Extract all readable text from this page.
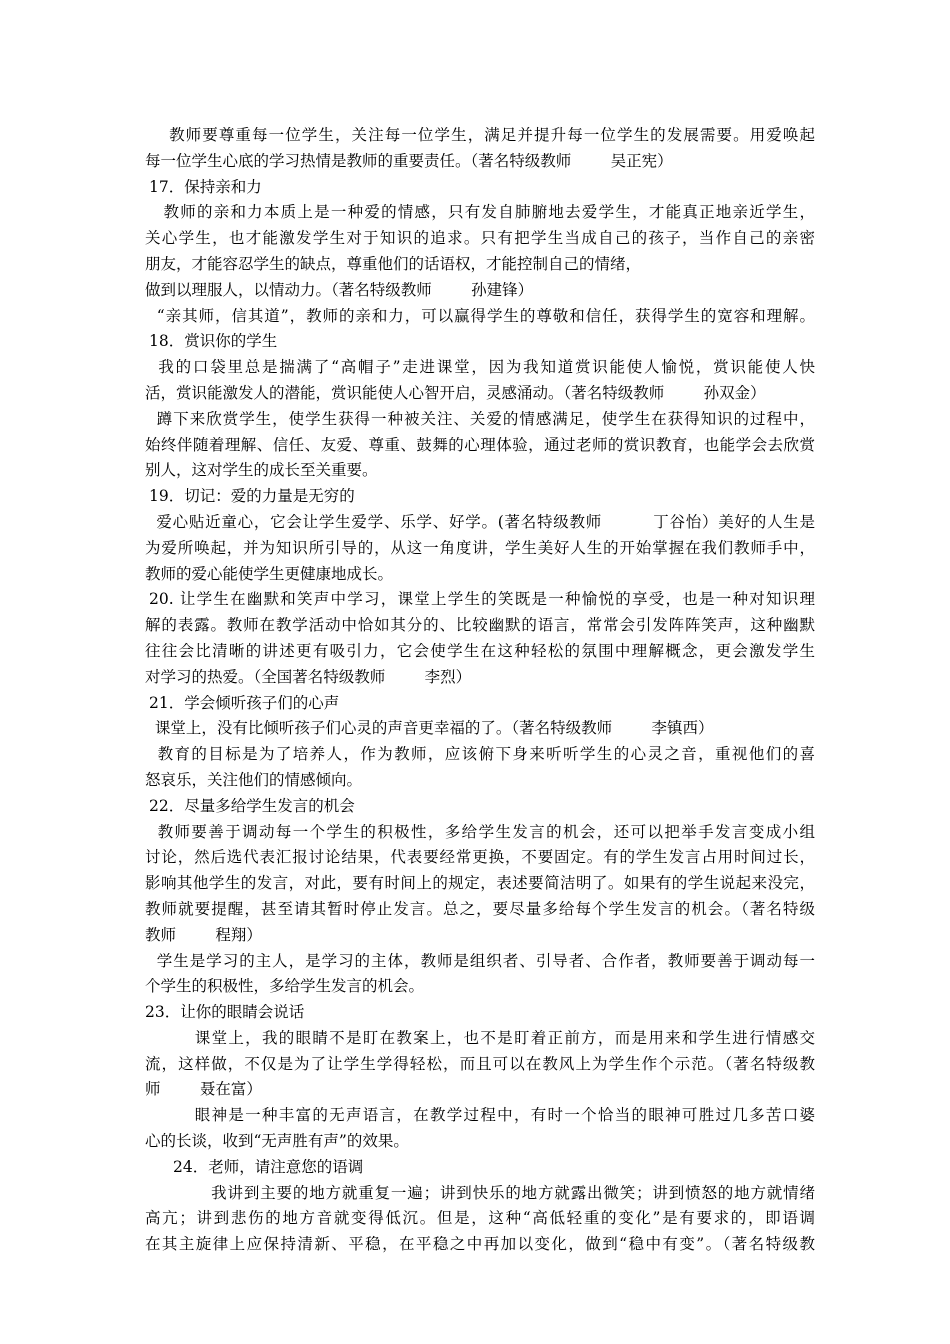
教师要尊重每一位学生，关注每一位学生，满足并提升每一位学生的发展需要。用爱唤起
每一位学生心底的学习热情是教师的重要责任。（著名特级教师        吴正宪）
17．保持亲和力
教师的亲和力本质上是一种爱的情感，只有发自肺腑地去爱学生，才能真正地亲近学生，
关心学生，也才能激发学生对于知识的追求。只有把学生当成自己的孩子，当作自己的亲密
朋友，才能容忍学生的缺点，尊重他们的话语权，才能控制自己的情绪，
做到以理服人，以情动力。（著名特级教师        孙建锋）
“亲其师，信其道”，教师的亲和力，可以赢得学生的尊敬和信任，获得学生的宽容和理解。
18．赏识你的学生
我的口袋里总是揣满了“高帽子”走进课堂，因为我知道赏识能使人愉悦，赏识能使人快
活，赏识能激发人的潜能，赏识能使人心智开启，灵感涌动。（著名特级教师        孙双金）
蹲下来欣赏学生，使学生获得一种被关注、关爱的情感满足，使学生在获得知识的过程中，
始终伴随着理解、信任、友爱、尊重、鼓舞的心理体验，通过老师的赏识教育，也能学会去欣赏
别人，这对学生的成长至关重要。
19．切记：爱的力量是无穷的
爱心贴近童心，它会让学生爱学、乐学、好学。(著名特级教师         丁谷怡）美好的人生是
为爱所唤起，并为知识所引导的，从这一角度讲，学生美好人生的开始掌握在我们教师手中，
教师的爱心能使学生更健康地成长。
20. 让学生在幽默和笑声中学习，课堂上学生的笑既是一种愉悦的享受，也是一种对知识理
解的表露。教师在教学活动中恰如其分的、比较幽默的语言，常常会引发阵阵笑声，这种幽默
往往会比清晰的讲述更有吸引力，它会使学生在这种轻松的氛围中理解概念，更会激发学生
对学习的热爱。（全国著名特级教师        李烈）
21．学会倾听孩子们的心声
课堂上，没有比倾听孩子们心灵的声音更幸福的了。（著名特级教师        李镇西）
教育的目标是为了培养人，作为教师，应该俯下身来听听学生的心灵之音，重视他们的喜
怒哀乐，关注他们的情感倾向。
22．尽量多给学生发言的机会
教师要善于调动每一个学生的积极性，多给学生发言的机会，还可以把举手发言变成小组
讨论，然后选代表汇报讨论结果，代表要经常更换，不要固定。有的学生发言占用时间过长，
影响其他学生的发言，对此，要有时间上的规定，表述要简洁明了。如果有的学生说起来没完，
教师就要提醒，甚至请其暂时停止发言。总之，要尽量多给每个学生发言的机会。（著名特级
教师        程翔）
学生是学习的主人，是学习的主体，教师是组织者、引导者、合作者，教师要善于调动每一
个学生的积极性，多给学生发言的机会。
23．让你的眼睛会说话
课堂上，我的眼睛不是盯在教案上，也不是盯着正前方，而是用来和学生进行情感交
流，这样做，不仅是为了让学生学得轻松，而且可以在教风上为学生作个示范。（著名特级教
师        聂在富）
眼神是一种丰富的无声语言，在教学过程中，有时一个恰当的眼神可胜过几多苦口婆
心的长谈，收到“无声胜有声”的效果。
24．老师，请注意您的语调
我讲到主要的地方就重复一遍；讲到快乐的地方就露出微笑；讲到愤怒的地方就情绪
高亢；讲到悲伤的地方音就变得低沉。但是，这种“高低轻重的变化”是有要求的，即语调
在其主旋律上应保持清新、平稳，在平稳之中再加以变化，做到“稳中有变”。（著名特级教
